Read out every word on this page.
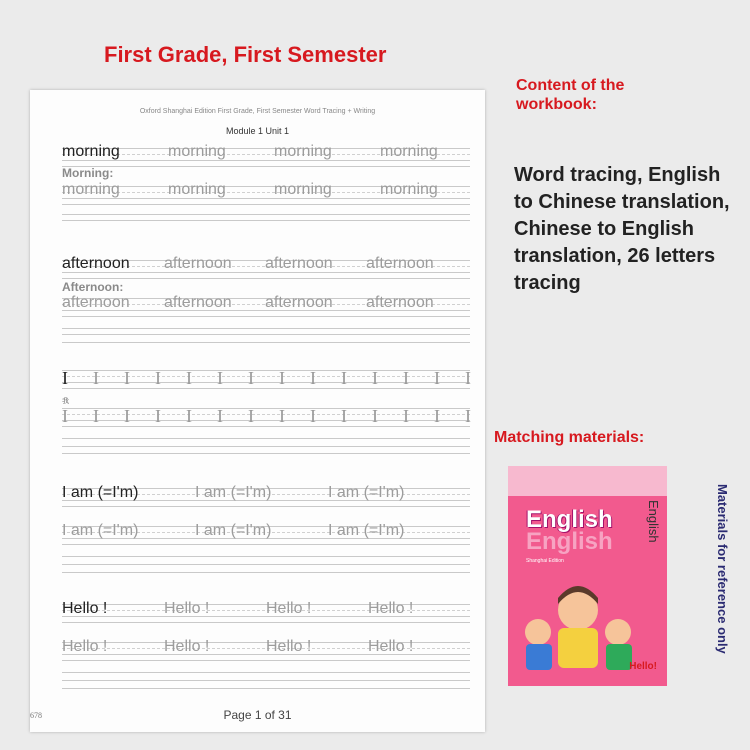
First Grade, First Semester
Oxford Shanghai Edition First Grade, First Semester Word Tracing + Writing
Module 1 Unit 1
morning	morning	morning	morning
Morning:
morning	morning	morning	morning
afternoon afternoon afternoon afternoon
Afternoon:
afternoon afternoon afternoon afternoon
I I I I I I I I I I I I I I
我
I I I I I I I I I I I I I I
I am (=I'm)	I am (=I'm)	I am (=I'm)
I am (=I'm)	I am (=I'm)	I am (=I'm)
Hello !	Hello !	Hello !	Hello !
Hello !	Hello !	Hello !	Hello !
678	Page 1 of 31
Content of the workbook:
Word tracing, English to Chinese translation, Chinese to English translation, 26 letters tracing
Matching materials:
English
English	English
Shanghai Edition
Hello!
Materials for reference only
